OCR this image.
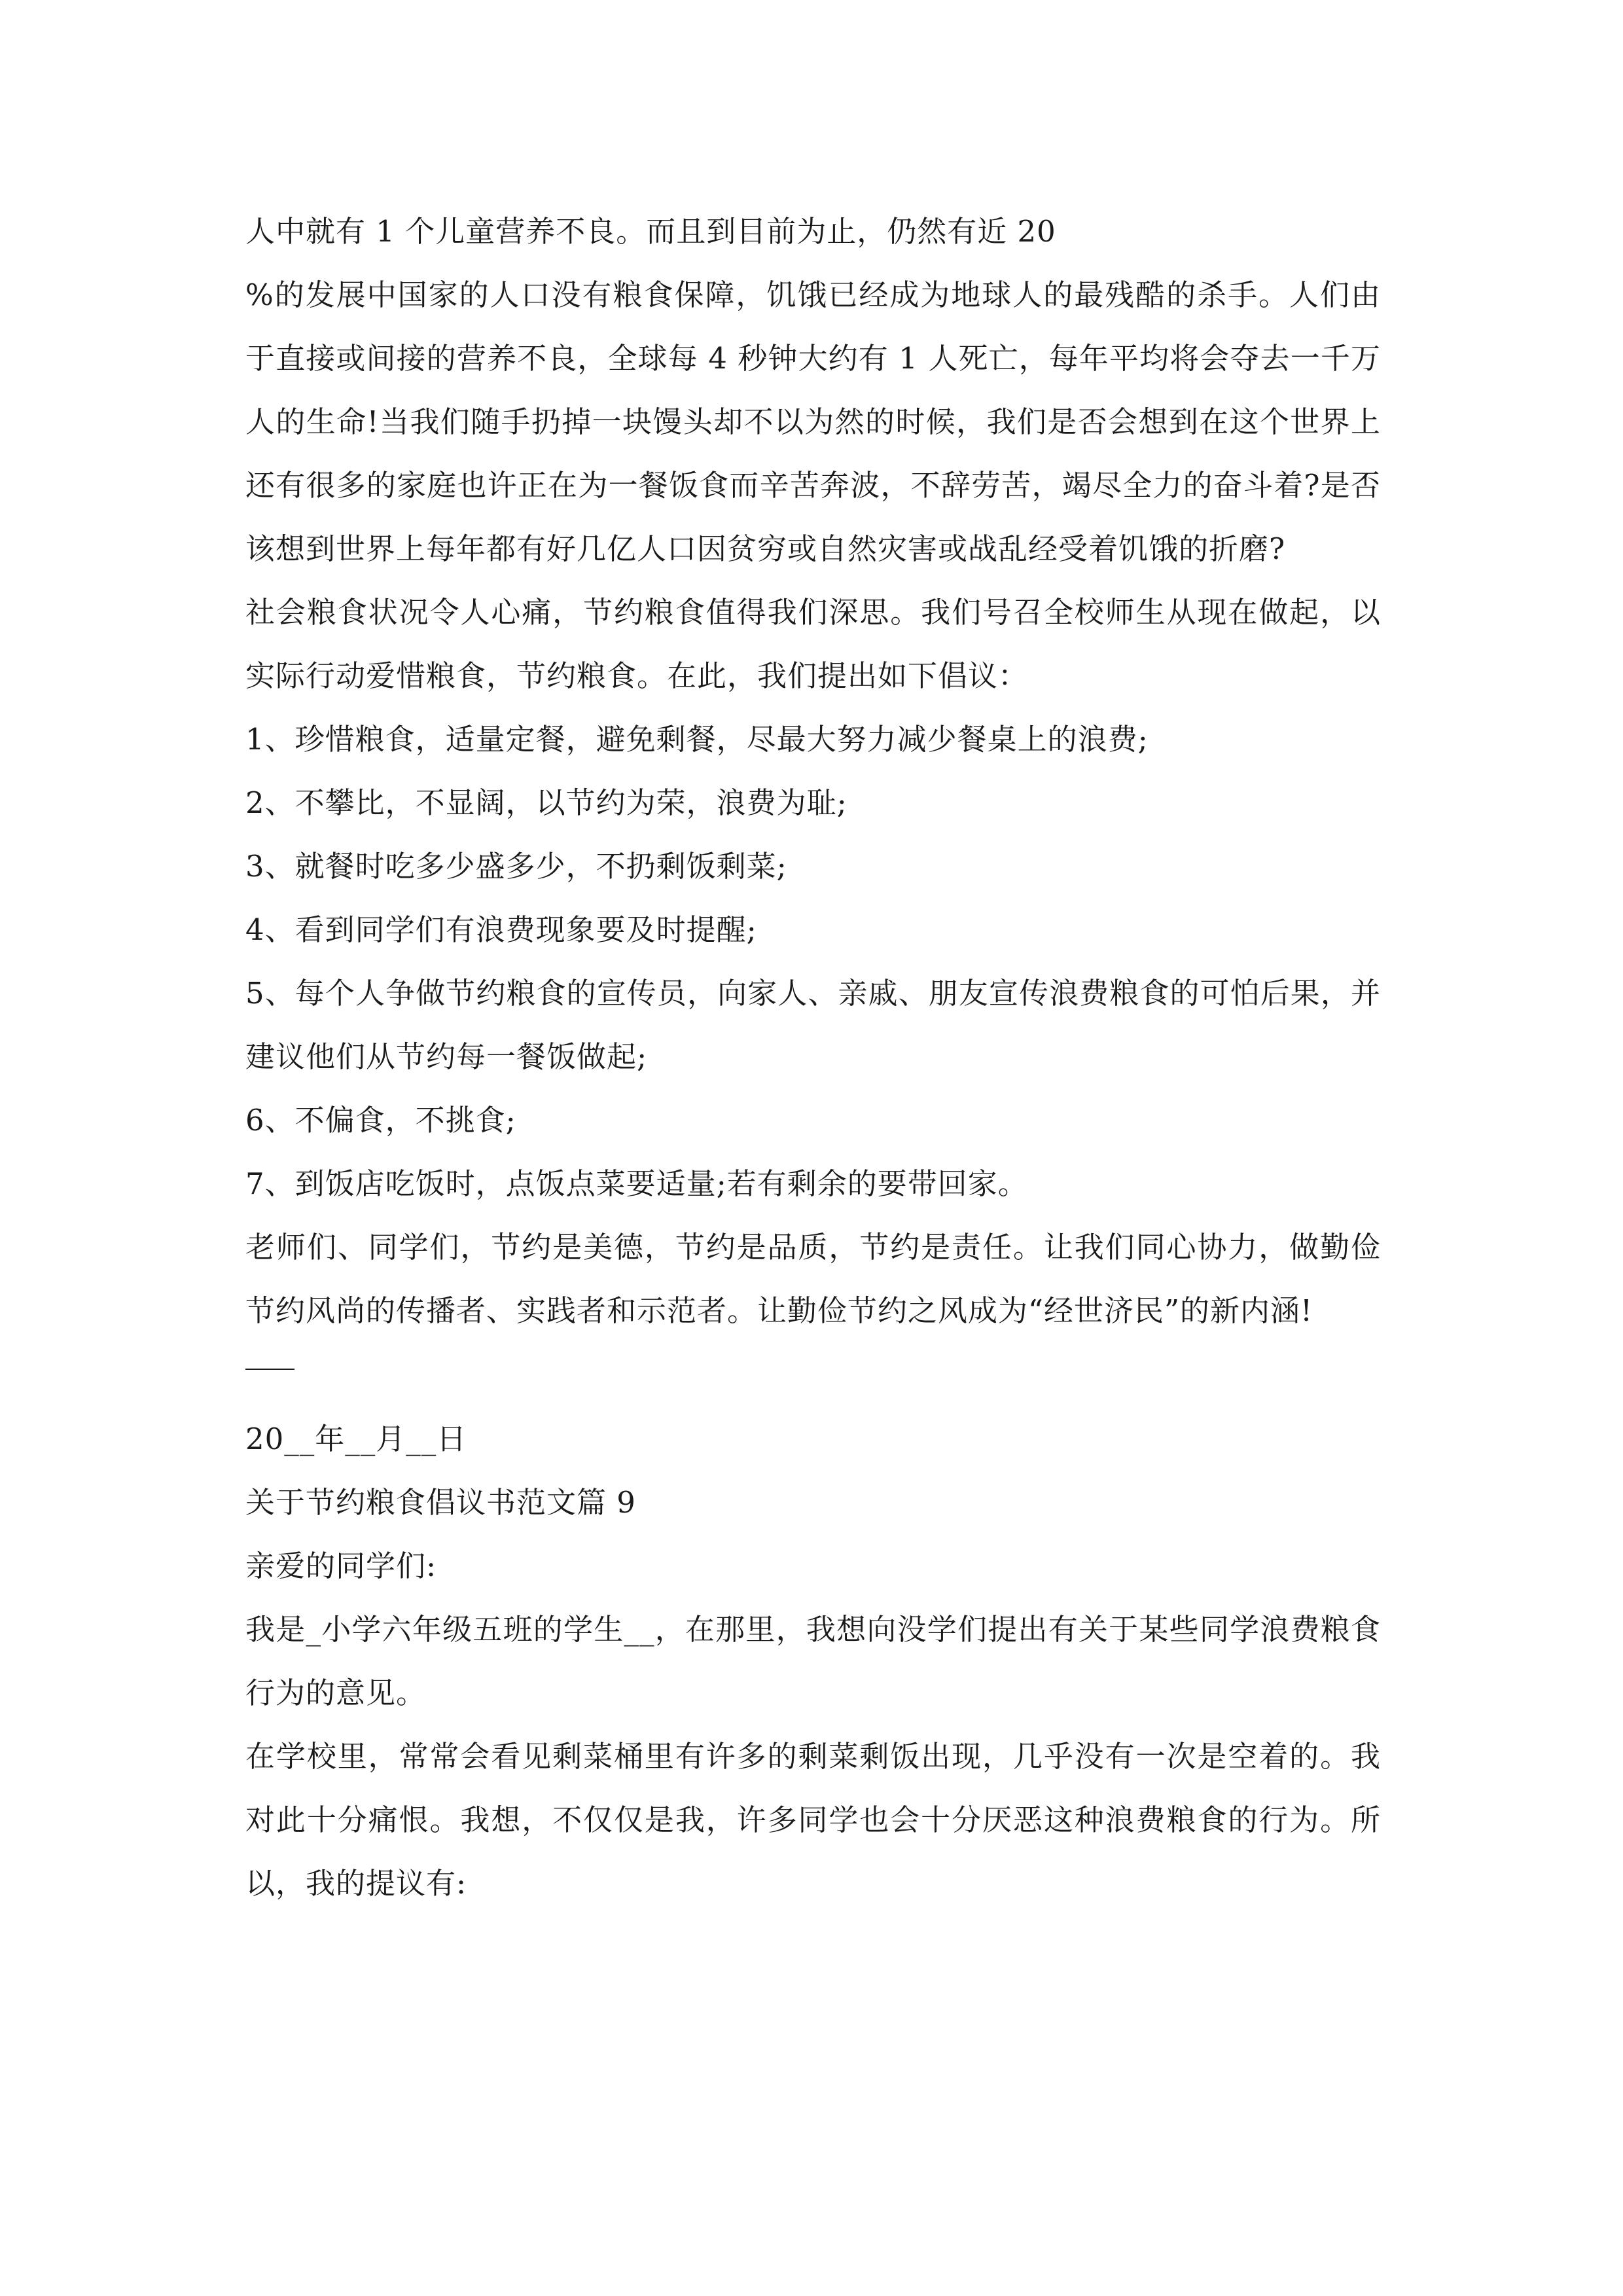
人中就有 1 个儿童营养不良。而且到目前为止，仍然有近 20

%的发展中国家的人口没有粮食保障，饥饿已经成为地球人的最残酷的杀手。人们由于直接或间接的营养不良，全球每 4 秒钟大约有 1 人死亡，每年平均将会夺去一千万人的生命!当我们随手扔掉一块馒头却不以为然的时候，我们是否会想到在这个世界上还有很多的家庭也许正在为一餐饭食而辛苦奔波，不辞劳苦，竭尽全力的奋斗着?是否该想到世界上每年都有好几亿人口因贫穷或自然灾害或战乱经受着饥饿的折磨?

社会粮食状况令人心痛，节约粮食值得我们深思。我们号召全校师生从现在做起，以实际行动爱惜粮食，节约粮食。在此，我们提出如下倡议：

1、珍惜粮食，适量定餐，避免剩餐，尽最大努力减少餐桌上的浪费;

2、不攀比，不显阔，以节约为荣，浪费为耻;

3、就餐时吃多少盛多少，不扔剩饭剩菜;

4、看到同学们有浪费现象要及时提醒;

5、每个人争做节约粮食的宣传员，向家人、亲戚、朋友宣传浪费粮食的可怕后果，并建议他们从节约每一餐饭做起;

6、不偏食，不挑食;

7、到饭店吃饭时，点饭点菜要适量;若有剩余的要带回家。

老师们、同学们，节约是美德，节约是品质，节约是责任。让我们同心协力，做勤俭节约风尚的传播者、实践者和示范者。让勤俭节约之风成为“经世济民”的新内涵!

20__年__月__日

关于节约粮食倡议书范文篇 9

亲爱的同学们:

我是_小学六年级五班的学生__，在那里，我想向没学们提出有关于某些同学浪费粮食行为的意见。

在学校里，常常会看见剩菜桶里有许多的剩菜剩饭出现，几乎没有一次是空着的。我对此十分痛恨。我想，不仅仅是我，许多同学也会十分厌恶这种浪费粮食的行为。所以，我的提议有:
